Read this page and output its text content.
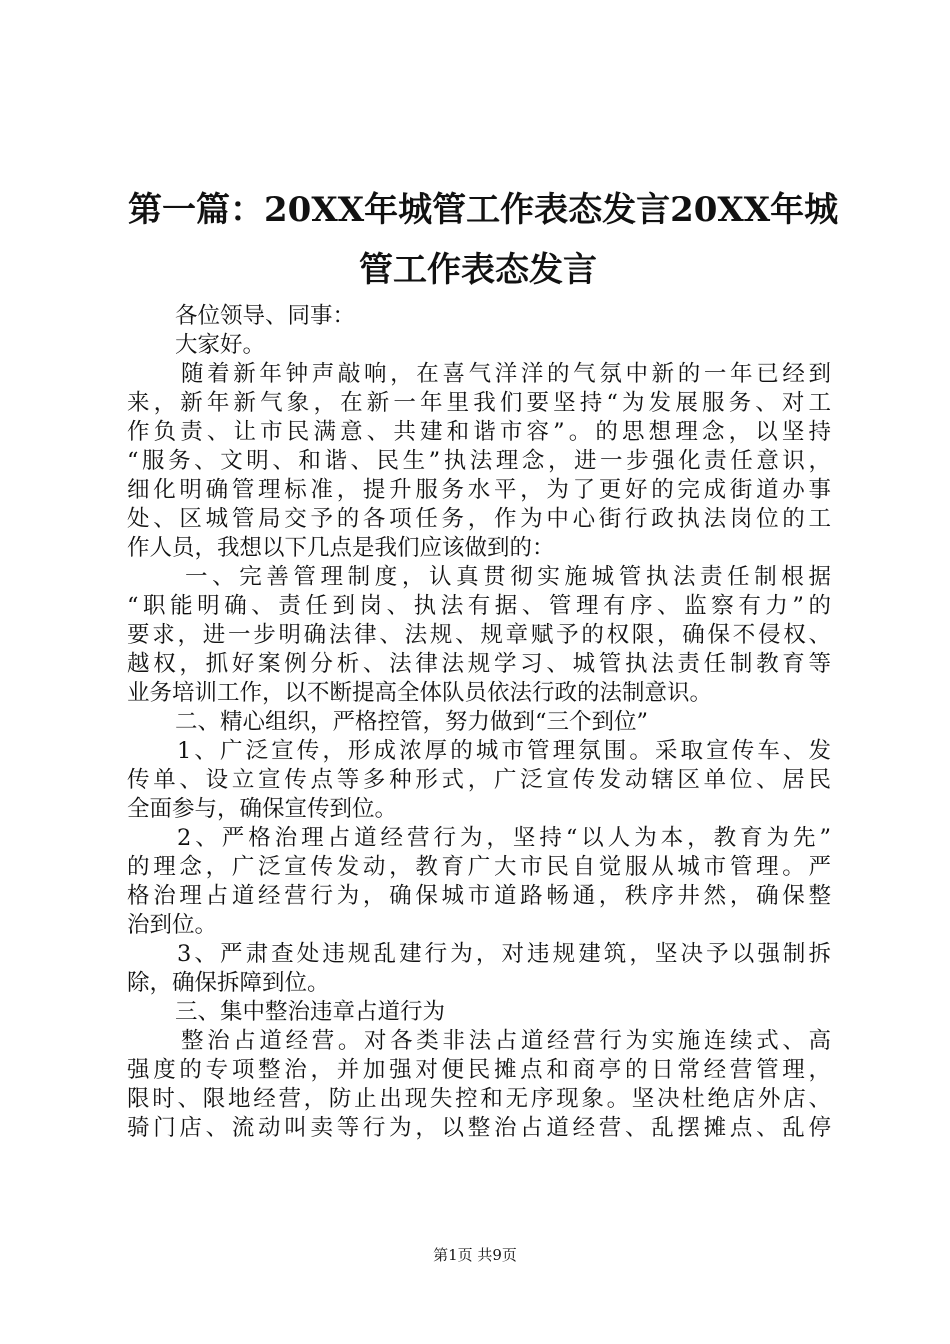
第一篇：20XX年城管工作表态发言20XX年城
管工作表态发言
各位领导、同事：
大家好。
随着新年钟声敲响，在喜气洋洋的气氛中新的一年已经到
来，新年新气象，在新一年里我们要坚持“为发展服务、对工
作负责、让市民满意、共建和谐市容”。的思想理念，以坚持
“服务、文明、和谐、民生”执法理念，进一步强化责任意识，
细化明确管理标准，提升服务水平，为了更好的完成街道办事
处、区城管局交予的各项任务，作为中心街行政执法岗位的工
作人员，我想以下几点是我们应该做到的：
一、完善管理制度，认真贯彻实施城管执法责任制根据
“职能明确、责任到岗、执法有据、管理有序、监察有力”的
要求，进一步明确法律、法规、规章赋予的权限，确保不侵权、
越权，抓好案例分析、法律法规学习、城管执法责任制教育等
业务培训工作，以不断提高全体队员依法行政的法制意识。
二、精心组织，严格控管，努力做到“三个到位”
1、广泛宣传，形成浓厚的城市管理氛围。采取宣传车、发
传单、设立宣传点等多种形式，广泛宣传发动辖区单位、居民
全面参与，确保宣传到位。
2、严格治理占道经营行为，坚持“以人为本，教育为先”
的理念，广泛宣传发动，教育广大市民自觉服从城市管理。严
格治理占道经营行为，确保城市道路畅通，秩序井然，确保整
治到位。
3、严肃查处违规乱建行为，对违规建筑，坚决予以强制拆
除，确保拆障到位。
三、集中整治违章占道行为
整治占道经营。对各类非法占道经营行为实施连续式、高
强度的专项整治，并加强对便民摊点和商亭的日常经营管理，
限时、限地经营，防止出现失控和无序现象。坚决杜绝店外店、
骑门店、流动叫卖等行为，以整治占道经营、乱摆摊点、乱停
第1页 共9页
